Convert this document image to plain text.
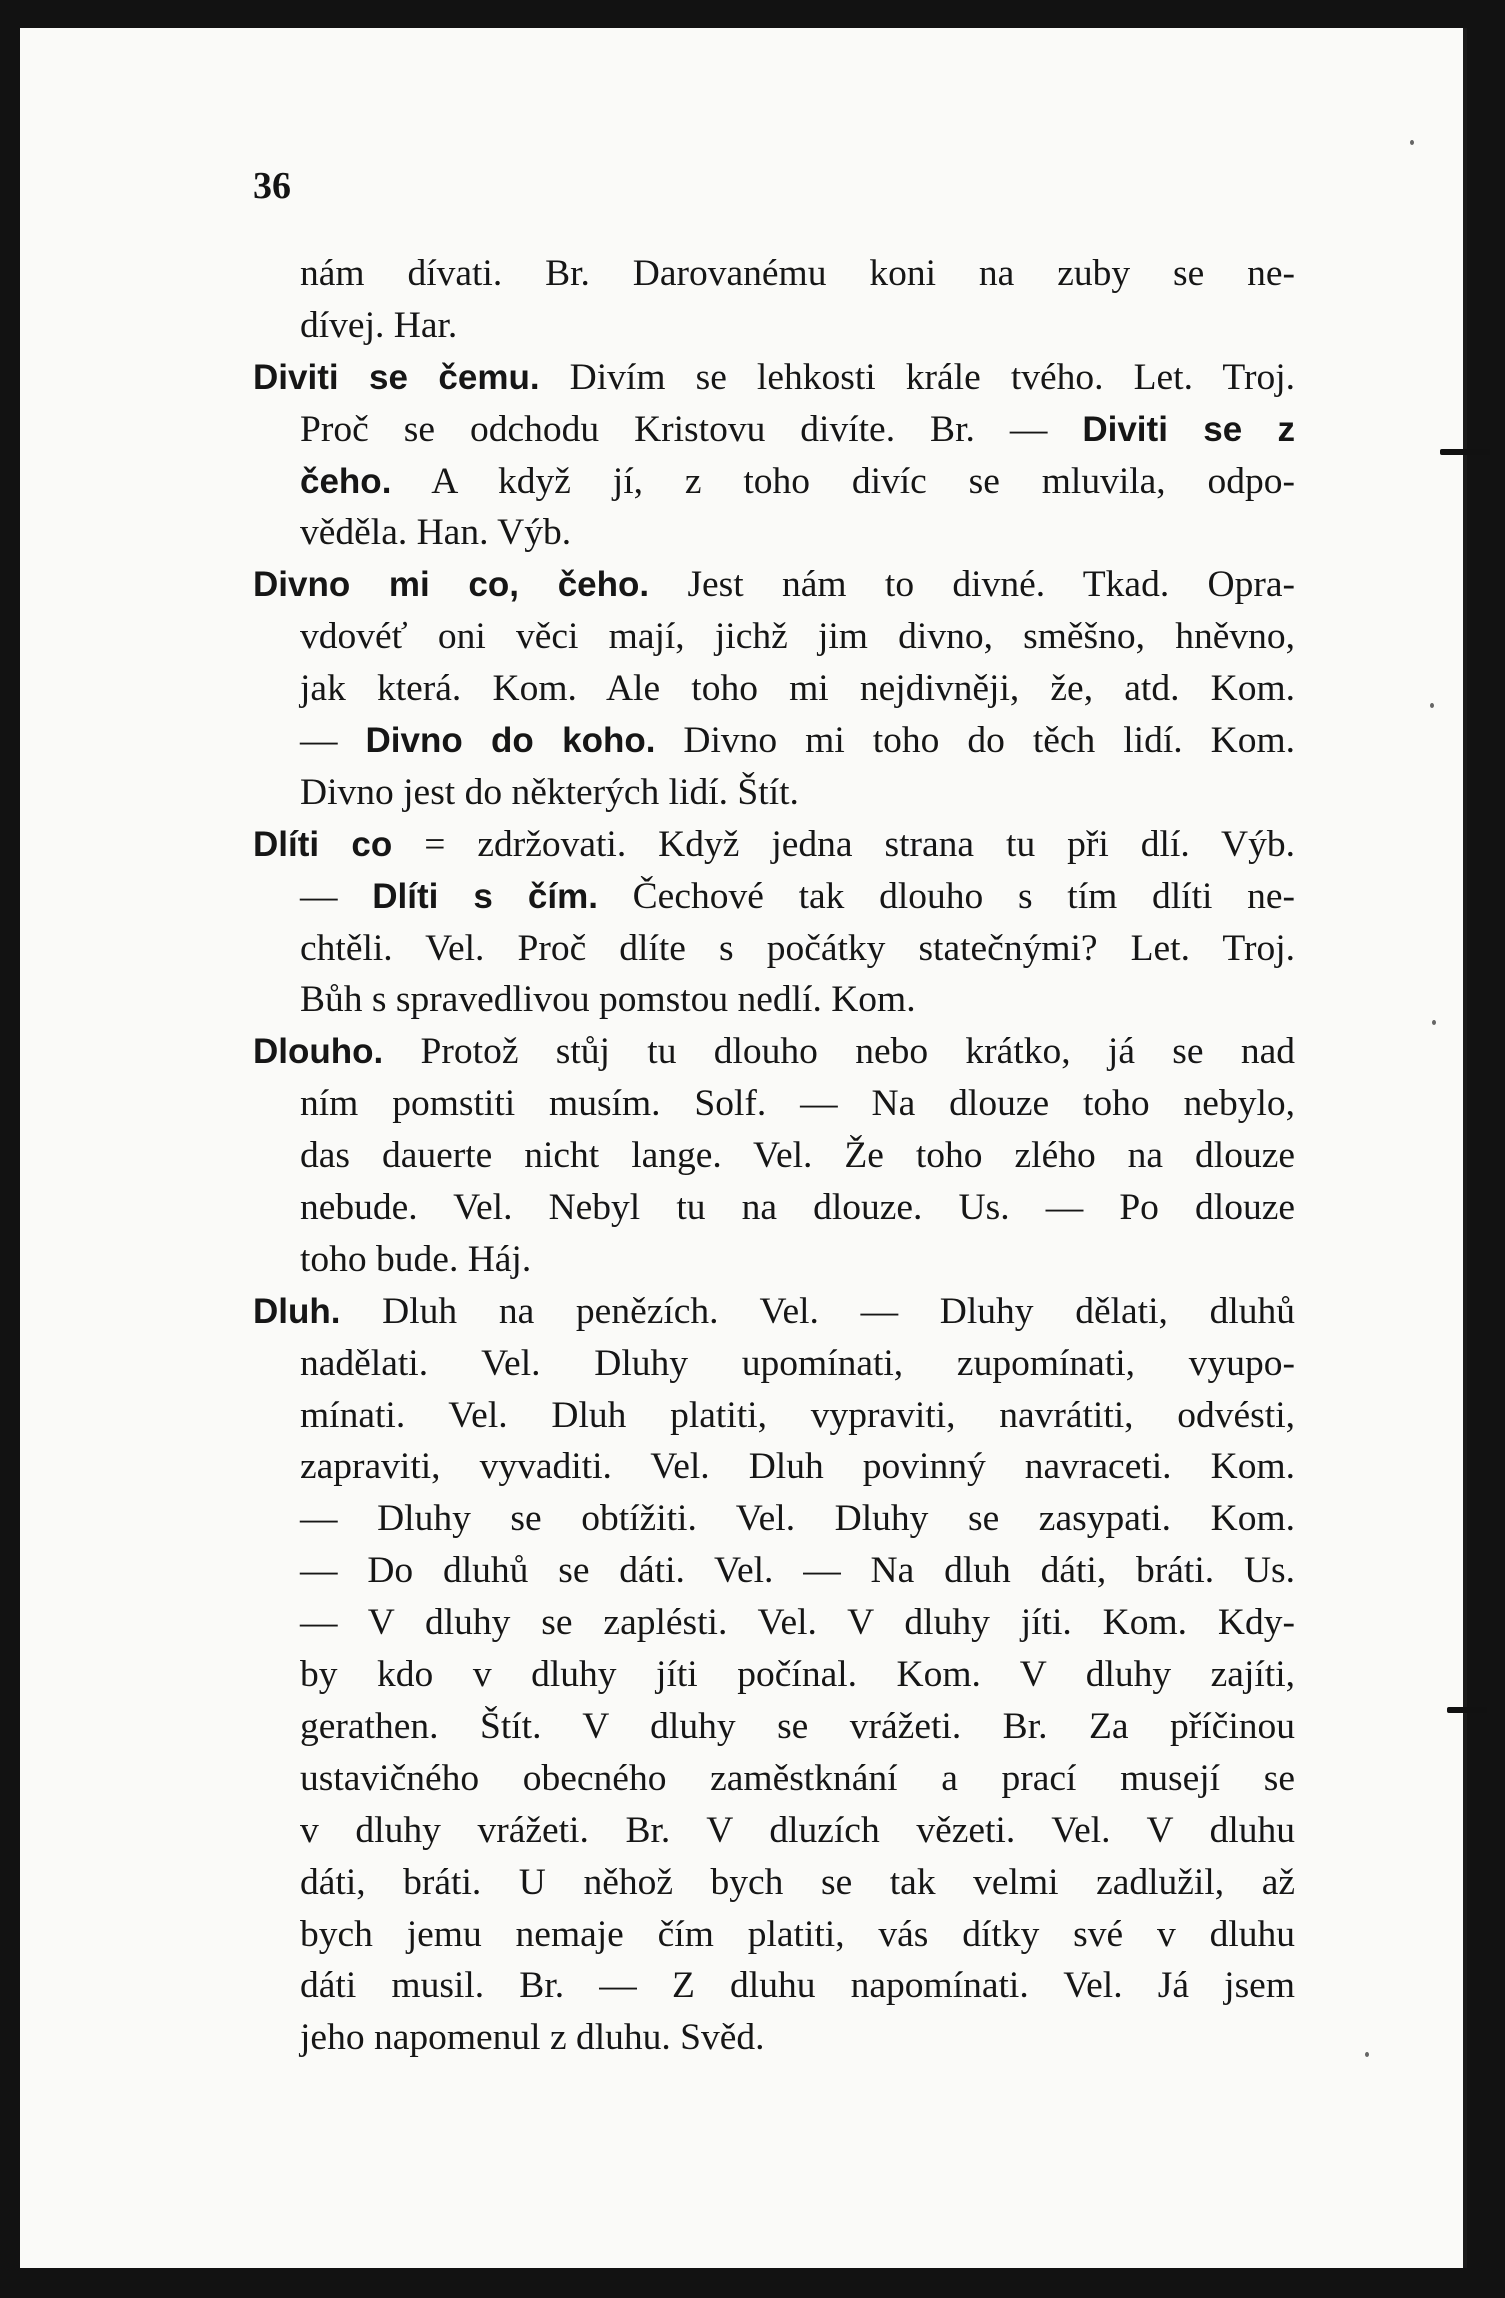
36
nám dívati. Br. Darovanému koni na zuby se ne-
dívej. Har.
Diviti se čemu. Divím se lehkosti krále tvého. Let. Troj.
Proč se odchodu Kristovu divíte. Br. — Diviti se z
čeho. A když jí, z toho divíc se mluvila, odpo-
věděla. Han. Výb.
Divno mi co, čeho. Jest nám to divné. Tkad. Opra-
vdovéť oni věci mají, jichž jim divno, směšno, hněvno,
jak která. Kom. Ale toho mi nejdivněji, že, atd. Kom.
— Divno do koho. Divno mi toho do těch lidí. Kom.
Divno jest do některých lidí. Štít.
Dlíti co = zdržovati. Když jedna strana tu při dlí. Výb.
— Dlíti s čím. Čechové tak dlouho s tím dlíti ne-
chtěli. Vel. Proč dlíte s počátky statečnými? Let. Troj.
Bůh s spravedlivou pomstou nedlí. Kom.
Dlouho. Protož stůj tu dlouho nebo krátko, já se nad
ním pomstiti musím. Solf. — Na dlouze toho nebylo,
das dauerte nicht lange. Vel. Že toho zlého na dlouze
nebude. Vel. Nebyl tu na dlouze. Us. — Po dlouze
toho bude. Háj.
Dluh. Dluh na penězích. Vel. — Dluhy dělati, dluhů
nadělati. Vel. Dluhy upomínati, zupomínati, vyupo-
mínati. Vel. Dluh platiti, vypraviti, navrátiti, odvésti,
zapraviti, vyvaditi. Vel. Dluh povinný navraceti. Kom.
— Dluhy se obtížiti. Vel. Dluhy se zasypati. Kom.
— Do dluhů se dáti. Vel. — Na dluh dáti, bráti. Us.
— V dluhy se zaplésti. Vel. V dluhy jíti. Kom. Kdy-
by kdo v dluhy jíti počínal. Kom. V dluhy zajíti,
gerathen. Štít. V dluhy se vrážeti. Br. Za příčinou
ustavičného obecného zaměstknání a prací musejí se
v dluhy vrážeti. Br. V dluzích vězeti. Vel. V dluhu
dáti, bráti. U něhož bych se tak velmi zadlužil, až
bych jemu nemaje čím platiti, vás dítky své v dluhu
dáti musil. Br. — Z dluhu napomínati. Vel. Já jsem
jeho napomenul z dluhu. Svěd.
